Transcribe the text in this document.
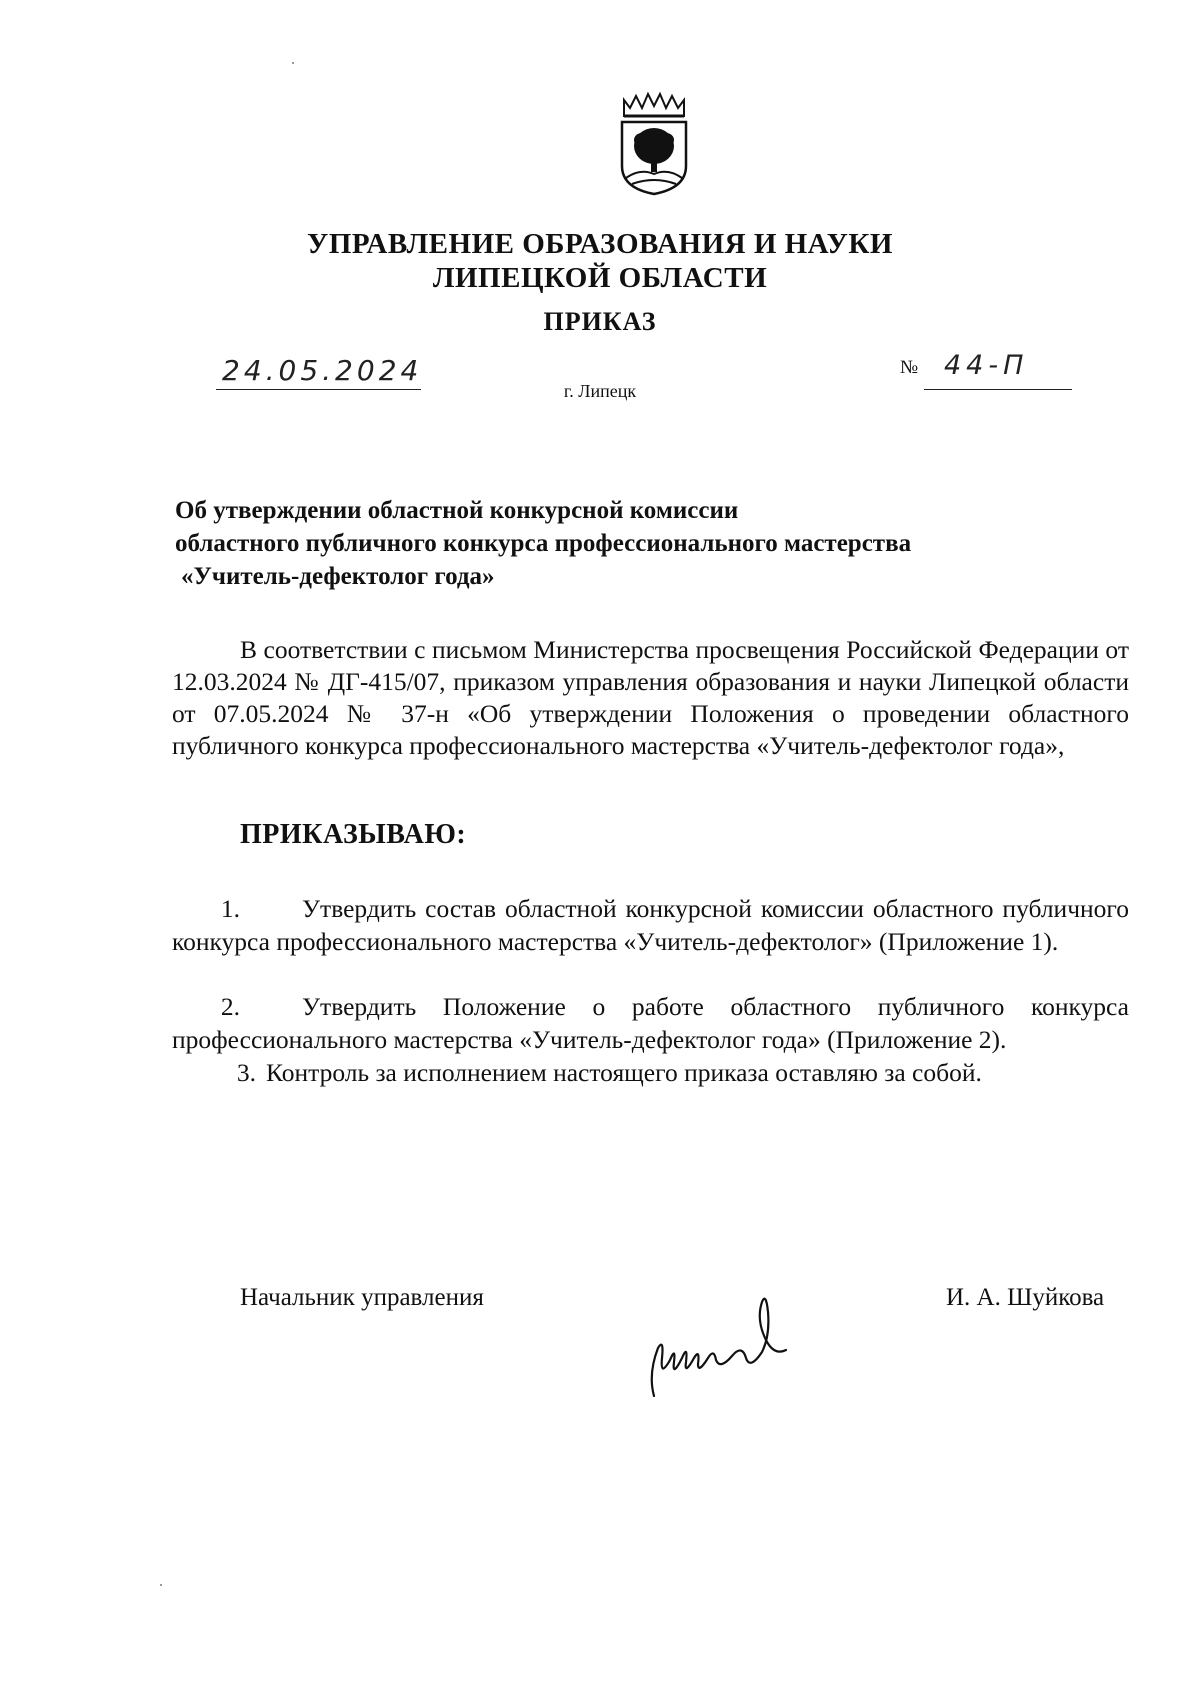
УПРАВЛЕНИЕ ОБРАЗОВАНИЯ И НАУКИ
ЛИПЕЦКОЙ ОБЛАСТИ
ПРИКАЗ
24.05.2024
г. Липецк
№ 44-П
Об утверждении областной конкурсной комиссии
областного публичного конкурса профессионального мастерства
«Учитель-дефектолог года»
В соответствии с письмом Министерства просвещения Российской Федерации от 12.03.2024 № ДГ-415/07, приказом управления образования и науки Липецкой области от 07.05.2024 № 37-н «Об утверждении Положения о проведении областного публичного конкурса профессионального мастерства «Учитель-дефектолог года»,
ПРИКАЗЫВАЮ:
1. Утвердить состав областной конкурсной комиссии областного публичного конкурса профессионального мастерства «Учитель-дефектолог» (Приложение 1).
2. Утвердить Положение о работе областного публичного конкурса профессионального мастерства «Учитель-дефектолог года» (Приложение 2).
3. Контроль за исполнением настоящего приказа оставляю за собой.
Начальник управления	И. А. Шуйкова
